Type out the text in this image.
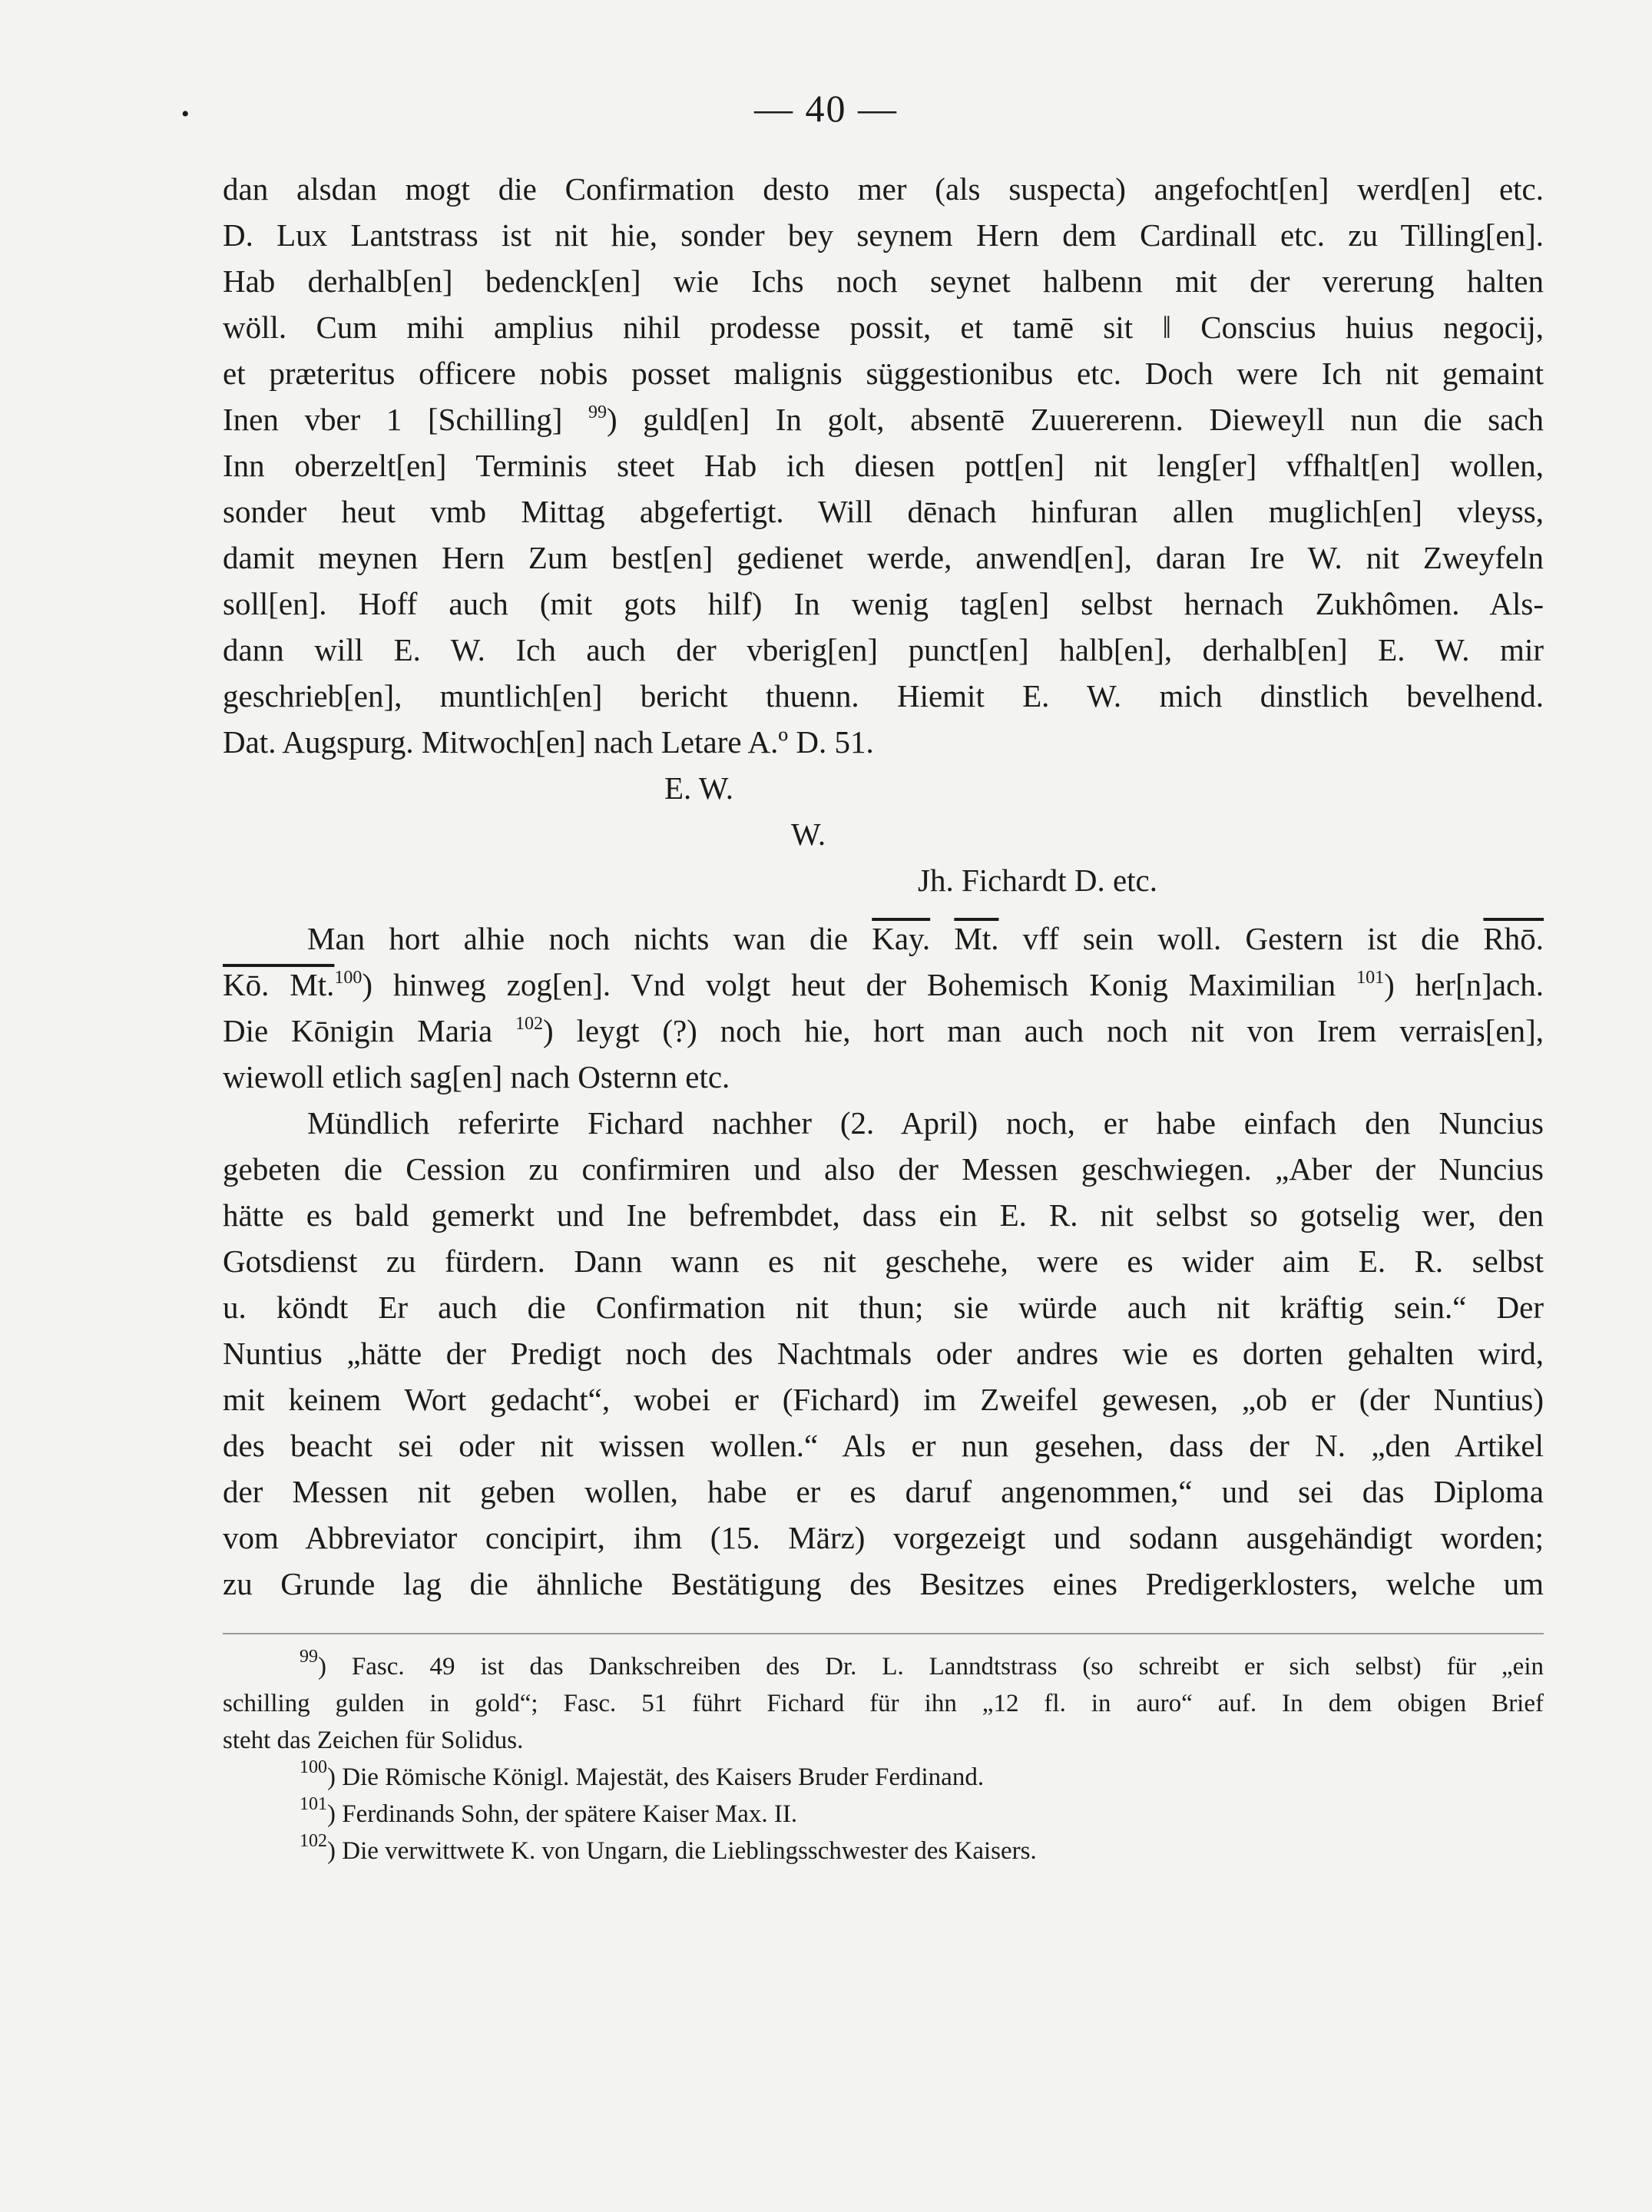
•	— 40 —
dan alsdan mogt die Confirmation desto mer (als suspecta) angefocht[en] werd[en] etc.
D. Lux Lantstrass ist nit hie, sonder bey seynem Hern dem Cardinall etc. zu Tilling[en].
Hab derhalb[en] bedenck[en] wie Ichs noch seynet halbenn mit der vererung halten
wöll. Cum mihi amplius nihil prodesse possit, et tamē sit ‖ Conscius huius negocij,
et præteritus officere nobis posset malignis süggestionibus etc. Doch were Ich nit gemaint
Inen vber 1 [Schilling] $^{99}$) guld[en] In golt, absentē Zuuererenn. Dieweyll nun die sach
Inn oberzelt[en] Terminis steet Hab ich diesen pott[en] nit leng[er] vffhalt[en] wollen,
sonder heut vmb Mittag abgefertigt. Will dēnach hinfuran allen muglich[en] vleyss,
damit meynen Hern Zum best[en] gedienet werde, anwend[en], daran Ire W. nit Zweyfeln
soll[en]. Hoff auch (mit gots hilf) In wenig tag[en] selbst hernach Zukhômen. Als-
dann will E. W. Ich auch der vberig[en] punct[en] halb[en], derhalb[en] E. W. mir
geschrieb[en], muntlich[en] bericht thuenn. Hiemit E. W. mich dinstlich bevelhend.
Dat. Augspurg. Mitwoch[en] nach Letare A.º D. 51.
E. W.
W.
Jh. Fichardt D. etc.
Man hort alhie noch nichts wan die Kay. Mt. vff sein woll. Gestern ist die Rhō.
Kō. Mt.$^{100}$) hinweg zog[en]. Vnd volgt heut der Bohemisch Konig Maximilian $^{101}$) her[n]ach.
Die Kōnigin Maria $^{102}$) leygt (?) noch hie, hort man auch noch nit von Irem verrais[en],
wiewoll etlich sag[en] nach Osternn etc.
Mündlich referirte Fichard nachher (2. April) noch, er habe einfach den Nuncius
gebeten die Cession zu confirmiren und also der Messen geschwiegen. „Aber der Nuncius
hätte es bald gemerkt und Ine befrembdet, dass ein E. R. nit selbst so gotselig wer, den
Gotsdienst zu fürdern. Dann wann es nit geschehe, were es wider aim E. R. selbst
u. köndt Er auch die Confirmation nit thun; sie würde auch nit kräftig sein.“ Der
Nuntius „hätte der Predigt noch des Nachtmals oder andres wie es dorten gehalten wird,
mit keinem Wort gedacht“, wobei er (Fichard) im Zweifel gewesen, „ob er (der Nuntius)
des beacht sei oder nit wissen wollen.“ Als er nun gesehen, dass der N. „den Artikel
der Messen nit geben wollen, habe er es daruf angenommen,“ und sei das Diploma
vom Abbreviator concipirt, ihm (15. März) vorgezeigt und sodann ausgehändigt worden;
zu Grunde lag die ähnliche Bestätigung des Besitzes eines Predigerklosters, welche um
$^{99}$) Fasc. 49 ist das Dankschreiben des Dr. L. Lanndtstrass (so schreibt er sich selbst) für „ein
schilling gulden in gold“; Fasc. 51 führt Fichard für ihn „12 fl. in auro“ auf. In dem obigen Brief
steht das Zeichen für Solidus.
$^{100}$) Die Römische Königl. Majestät, des Kaisers Bruder Ferdinand.
$^{101}$) Ferdinands Sohn, der spätere Kaiser Max. II.
$^{102}$) Die verwittwete K. von Ungarn, die Lieblingsschwester des Kaisers.
